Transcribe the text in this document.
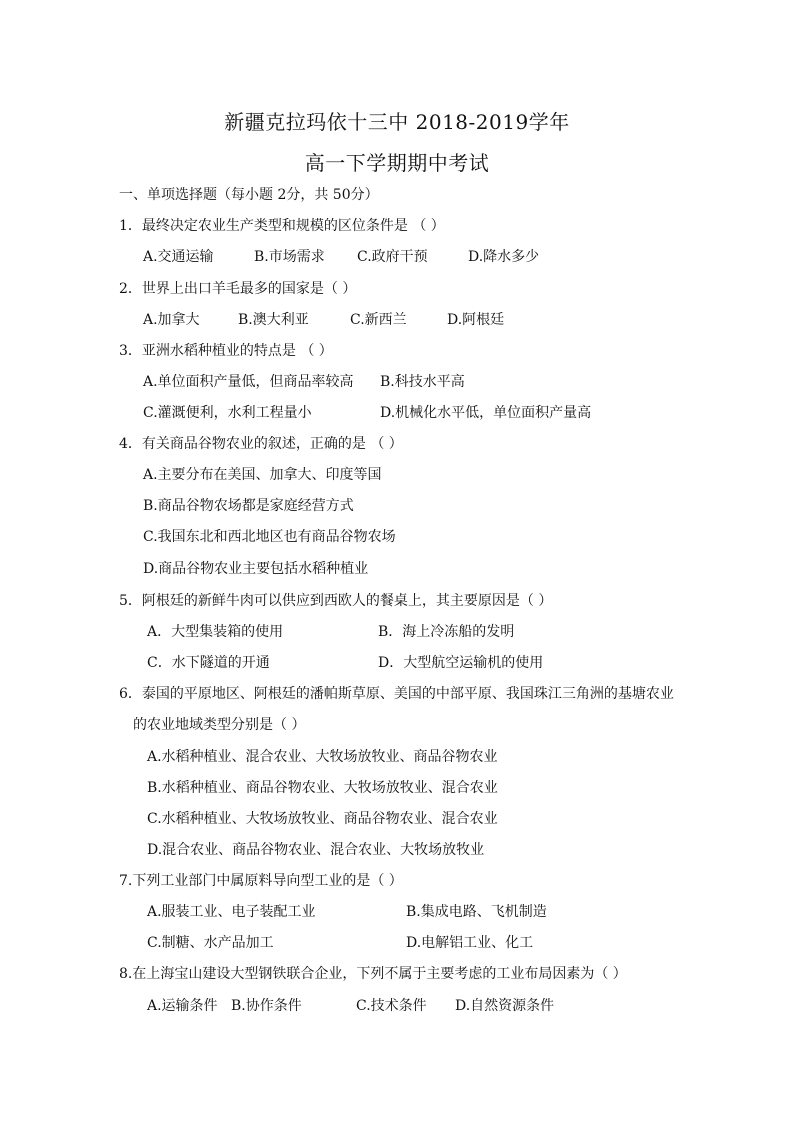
新疆克拉玛依十三中 2018-2019学年
高一下学期期中考试

一、单项选择题（每小题 2分，共 50分）

1．最终决定农业生产类型和规模的区位条件是 （ ）

A.交通运输	B.市场需求 C.政府干预	D.降水多少

2．世界上出口羊毛最多的国家是（ ）

A.加拿大	B.澳大利亚	C.新西兰	D.阿根廷

3．亚洲水稻种植业的特点是 （ ）

A.单位面积产量低，但商品率较高 B.科技水平高
C.灌溉便利，水利工程量小	D.机械化水平低，单位面积产量高

4．有关商品谷物农业的叙述，正确的是 （ ）

A.主要分布在美国、加拿大、印度等国
B.商品谷物农场都是家庭经营方式
C.我国东北和西北地区也有商品谷物农场
D.商品谷物农业主要包括水稻种植业

5．阿根廷的新鲜牛肉可以供应到西欧人的餐桌上，其主要原因是（ ）

A．大型集装箱的使用	B．海上冷冻船的发明
C．水下隧道的开通	D．大型航空运输机的使用

6．泰国的平原地区、阿根廷的潘帕斯草原、美国的中部平原、我国珠江三角洲的基塘农业

的农业地域类型分别是（ ）

A.水稻种植业、混合农业、大牧场放牧业、商品谷物农业
B.水稻种植业、商品谷物农业、大牧场放牧业、混合农业
C.水稻种植业、大牧场放牧业、商品谷物农业、混合农业
D.混合农业、商品谷物农业、混合农业、大牧场放牧业

7.下列工业部门中属原料导向型工业的是（ ）

A.服装工业、电子装配工业	B.集成电路、飞机制造
C.制糖、水产品加工	D.电解铝工业、化工

8.在上海宝山建设大型钢铁联合企业，下列不属于主要考虑的工业布局因素为（ ）

A.运输条件 B.协作条件	C.技术条件 D.自然资源条件
